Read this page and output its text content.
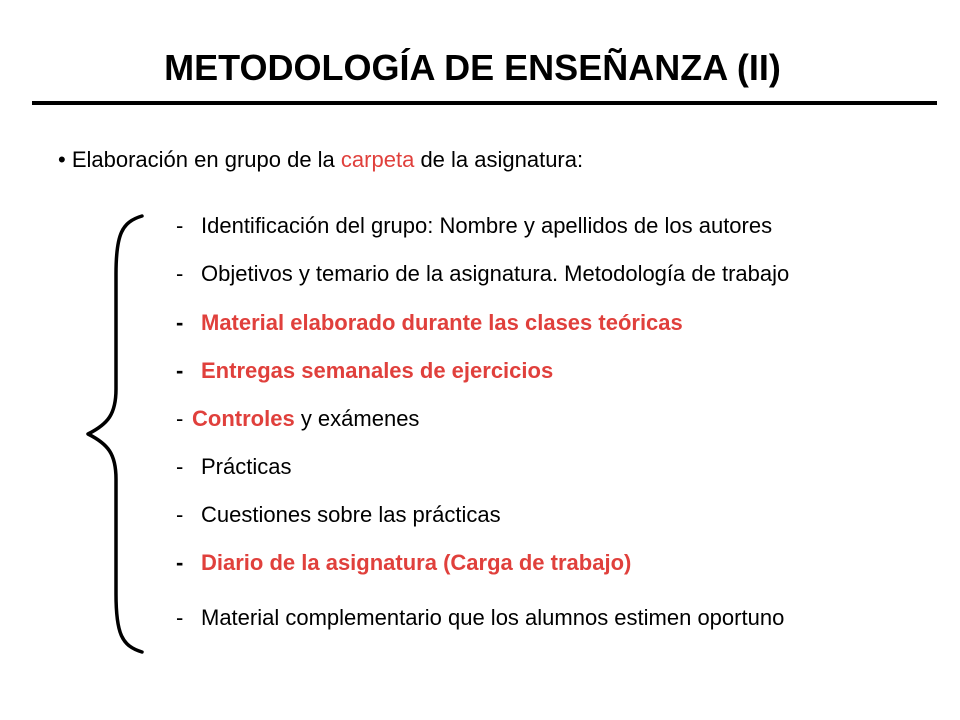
METODOLOGÍA DE ENSEÑANZA (II)
• Elaboración en grupo de la carpeta de la asignatura:
- Identificación del grupo: Nombre y apellidos de los autores
- Objetivos y temario de la asignatura. Metodología de trabajo
- Material elaborado durante las clases teóricas
- Entregas semanales de ejercicios
- Controles y exámenes
- Prácticas
- Cuestiones sobre las prácticas
- Diario de la asignatura (Carga de trabajo)
- Material complementario que los alumnos estimen oportuno
